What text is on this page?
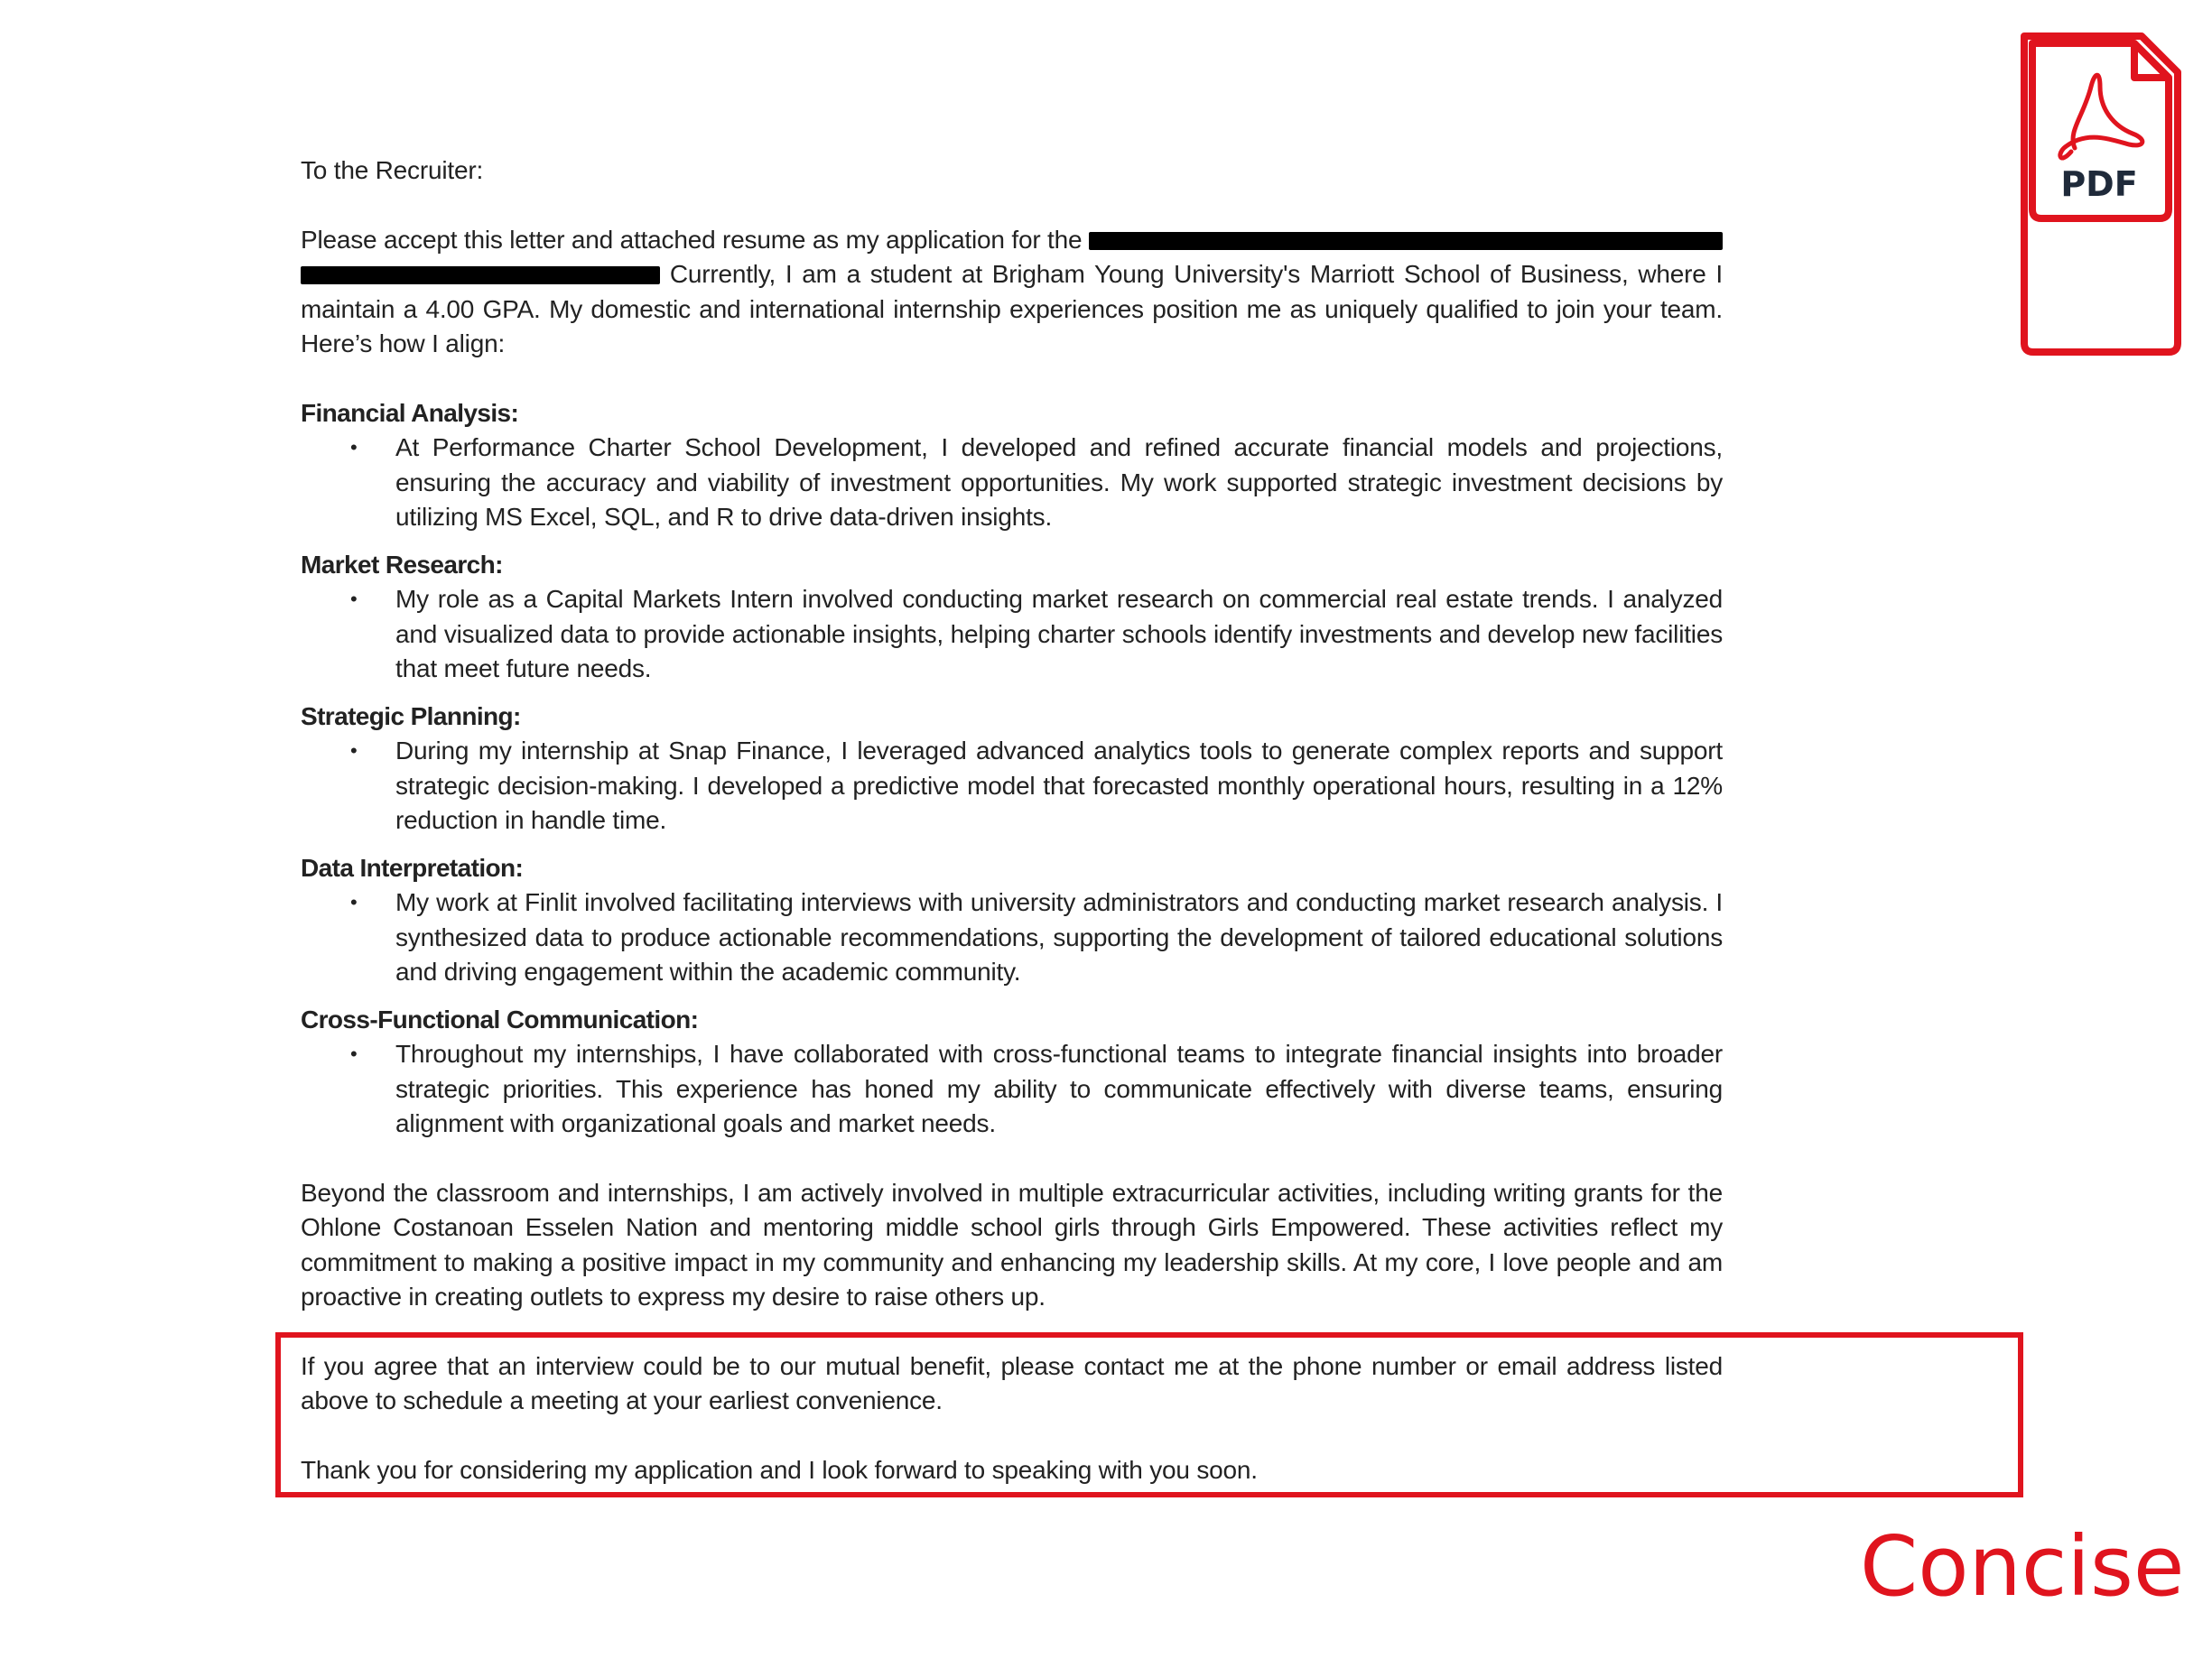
To the Recruiter:

Please accept this letter and attached resume as my application for the   Currently, I am a student at Brigham Young University's Marriott School of Business, where I maintain a 4.00 GPA. My domestic and international internship experiences position me as uniquely qualified to join your team. Here’s how I align:

Financial Analysis:

•	At Performance Charter School Development, I developed and refined accurate financial models and projections, ensuring the accuracy and viability of investment opportunities. My work supported strategic investment decisions by utilizing MS Excel, SQL, and R to drive data-driven insights.

Market Research:

•	My role as a Capital Markets Intern involved conducting market research on commercial real estate trends. I analyzed and visualized data to provide actionable insights, helping charter schools identify investments and develop new facilities that meet future needs.

Strategic Planning:

•	During my internship at Snap Finance, I leveraged advanced analytics tools to generate complex reports and support strategic decision-making. I developed a predictive model that forecasted monthly operational hours, resulting in a 12% reduction in handle time.

Data Interpretation:

•	My work at Finlit involved facilitating interviews with university administrators and conducting market research analysis. I synthesized data to produce actionable recommendations, supporting the development of tailored educational solutions and driving engagement within the academic community.

Cross-Functional Communication:

•	Throughout my internships, I have collaborated with cross-functional teams to integrate financial insights into broader strategic priorities. This experience has honed my ability to communicate effectively with diverse teams, ensuring alignment with organizational goals and market needs.

Beyond the classroom and internships, I am actively involved in multiple extracurricular activities, including writing grants for the Ohlone Costanoan Esselen Nation and mentoring middle school girls through Girls Empowered. These activities reflect my commitment to making a positive impact in my community and enhancing my leadership skills. At my core, I love people and am proactive in creating outlets to express my desire to raise others up.

If you agree that an interview could be to our mutual benefit, please contact me at the phone number or email address listed above to schedule a meeting at your earliest convenience.

Thank you for considering my application and I look forward to speaking with you soon.

PDF
Concise
